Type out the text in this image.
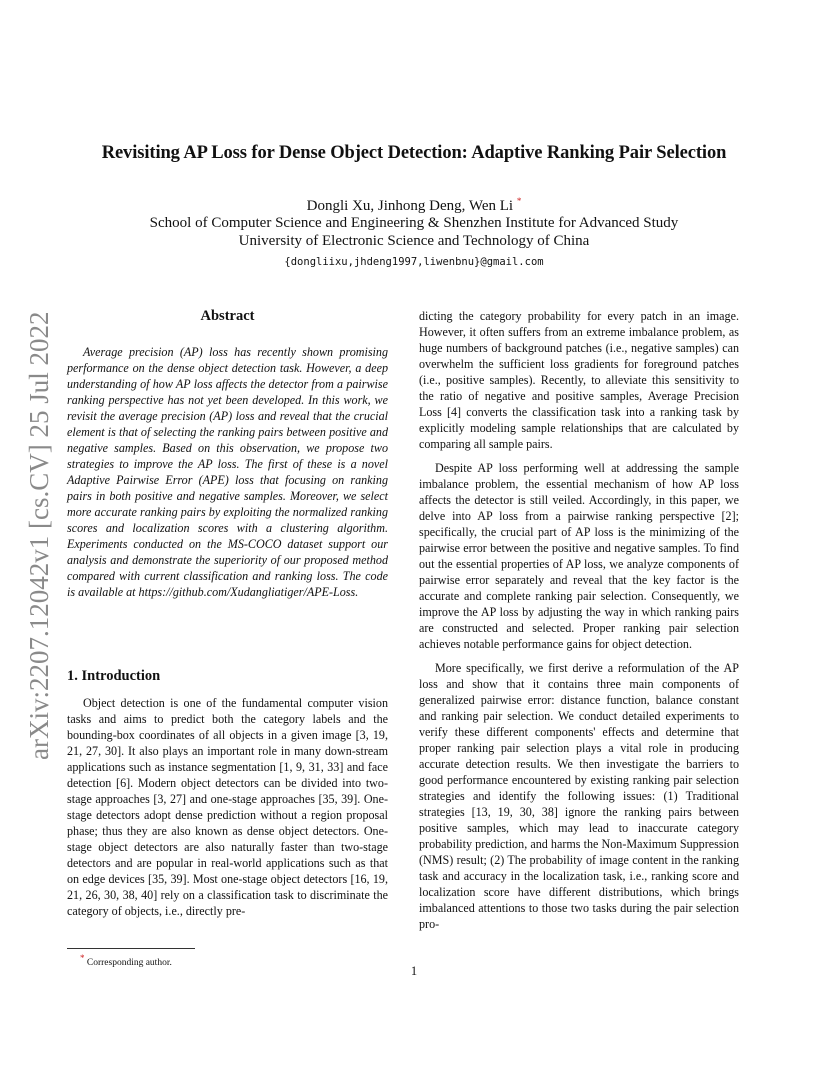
Revisiting AP Loss for Dense Object Detection: Adaptive Ranking Pair Selection
Dongli Xu, Jinhong Deng, Wen Li *
School of Computer Science and Engineering & Shenzhen Institute for Advanced Study
University of Electronic Science and Technology of China
{dongliixu,jhdeng1997,liwenbnu}@gmail.com
arXiv:2207.12042v1 [cs.CV] 25 Jul 2022	Abstract
Average precision (AP) loss has recently shown promising performance on the dense object detection task. However, a deep understanding of how AP loss affects the detector from a pairwise ranking perspective has not yet been developed. In this work, we revisit the average precision (AP) loss and reveal that the crucial element is that of selecting the ranking pairs between positive and negative samples. Based on this observation, we propose two strategies to improve the AP loss. The first of these is a novel Adaptive Pairwise Error (APE) loss that focusing on ranking pairs in both positive and negative samples. Moreover, we select more accurate ranking pairs by exploiting the normalized ranking scores and localization scores with a clustering algorithm. Experiments conducted on the MS-COCO dataset support our analysis and demonstrate the superiority of our proposed method compared with current classification and ranking loss. The code is available at https://github.com/Xudangliatiger/APE-Loss.
1. Introduction

Object detection is one of the fundamental computer vision tasks and aims to predict both the category labels and the bounding-box coordinates of all objects in a given image [3, 19, 21, 27, 30]. It also plays an important role in many down-stream applications such as instance segmentation [1, 9, 31, 33] and face detection [6]. Modern object detectors can be divided into two-stage approaches [3, 27] and one-stage approaches [35, 39]. One-stage detectors adopt dense prediction without a region proposal phase; thus they are also known as dense object detectors. One-stage object detectors are also naturally faster than two-stage detectors and are popular in real-world applications such as that on edge devices [35, 39]. Most one-stage object detectors [16, 19, 21, 26, 30, 38, 40] rely on a classification task to discriminate the category of objects, i.e., directly pre-

dicting the category probability for every patch in an image. However, it often suffers from an extreme imbalance problem, as huge numbers of background patches (i.e., negative samples) can overwhelm the sufficient loss gradients for foreground patches (i.e., positive samples). Recently, to alleviate this sensitivity to the ratio of negative and positive samples, Average Precision Loss [4] converts the classification task into a ranking task by explicitly modeling sample relationships that are calculated by comparing all sample pairs.

Despite AP loss performing well at addressing the sample imbalance problem, the essential mechanism of how AP loss affects the detector is still veiled. Accordingly, in this paper, we delve into AP loss from a pairwise ranking perspective [2]; specifically, the crucial part of AP loss is the minimizing of the pairwise error between the positive and negative samples. To find out the essential properties of AP loss, we analyze components of pairwise error separately and reveal that the key factor is the accurate and complete ranking pair selection. Consequently, we improve the AP loss by adjusting the way in which ranking pairs are constructed and selected. Proper ranking pair selection achieves notable performance gains for object detection.

More specifically, we first derive a reformulation of the AP loss and show that it contains three main components of generalized pairwise error: distance function, balance constant and ranking pair selection. We conduct detailed experiments to verify these different components' effects and determine that proper ranking pair selection plays a vital role in producing accurate detection results. We then investigate the barriers to good performance encountered by existing ranking pair selection strategies and identify the following issues: (1) Traditional strategies [13, 19, 30, 38] ignore the ranking pairs between positive samples, which may lead to inaccurate category probability prediction, and harms the Non-Maximum Suppression (NMS) result; (2) The probability of image content in the ranking task and accuracy in the localization task, i.e., ranking score and localization score have different distributions, which brings imbalanced attentions to those two tasks during the pair selection pro-

* Corresponding author.
1
